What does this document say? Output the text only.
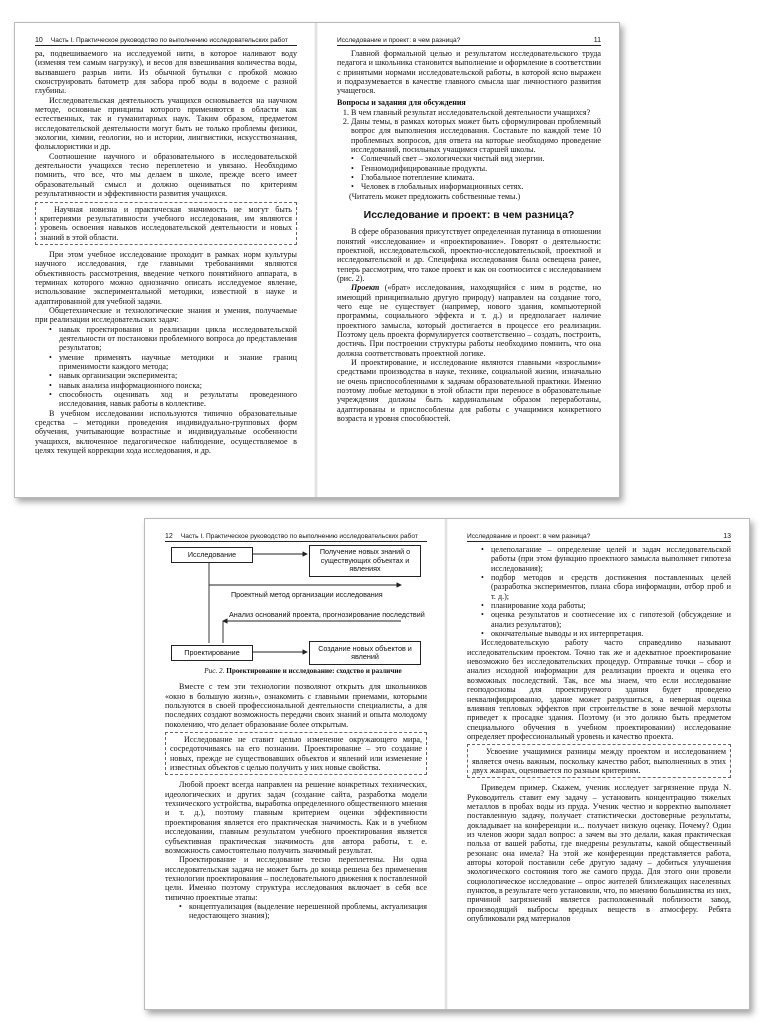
10 Часть I. Практическое руководство по выполнению исследовательских работ

ра, подвешиваемого на исследуемой нити, в которое наливают воду (изменяя тем самым нагрузку), и весов для взвешивания количества воды, вызвавшего разрыв нити. Из обычной бутылки с пробкой можно сконструировать батометр для забора проб воды в водоеме с разной глубины.

Исследовательская деятельность учащихся основывается на научном методе, основные принципы которого применяются в области как естественных, так и гуманитарных наук. Таким образом, предметом исследовательской деятельности могут быть не только проблемы физики, экологии, химии, геологии, но и истории, лингвистики, искусствознания, фольклористики и др.

Соотношение научного и образовательного в исследовательской деятельности учащихся тесно переплетено и увязано. Необходимо помнить, что все, что мы делаем в школе, прежде всего имеет образовательный смысл и должно оцениваться по критериям результативности и эффективности развития учащихся.

Научная новизна и практическая значимость не могут быть критериями результативности учебного исследования, им являются уровень освоения навыков исследовательской деятельности и новых знаний в этой области.

При этом учебное исследование проходит в рамках норм культуры научного исследования, где главными требованиями являются объективность рассмотрения, введение четкого понятийного аппарата, в терминах которого можно однозначно описать исследуемое явление, использование экспериментальной методики, известной в науке и адаптированной для учебной задачи.

Общетехнические и технологические знания и умения, получаемые при реализации исследовательских задач:

• навык проектирования и реализации цикла исследовательской деятельности от постановки проблемного вопроса до представления результатов;
• умение применять научные методики и знание границ применимости каждого метода;
• навык организации эксперимента;
• навык анализа информационного поиска;
• способность оценивать ход и результаты проведенного исследования, навык работы в коллективе.

В учебном исследовании используются типично образовательные средства – методики проведения индивидуально-групповых форм обучения, учитывающие возрастные и индивидуальные особенности учащихся, включенное педагогическое наблюдение, осуществляемое в целях текущей коррекции хода исследования, и др.

Исследование и проект: в чем разница?	11

Главной формальной целью и результатом исследовательского труда педагога и школьника становится выполнение и оформление в соответствии с принятыми нормами исследовательской работы, в которой ясно выражен и подразумевается в качестве главного смысла шаг личностного развития учащегося.

Вопросы и задания для обсуждения
1. В чем главный результат исследовательской деятельности учащихся?
2. Даны темы, в рамках которых может быть сформулирован проблемный вопрос для выполнения исследования. Составьте по каждой теме 10 проблемных вопросов, для ответа на которые необходимо проведение исследований, посильных учащимся старшей школы.
• Солнечный свет – экологически чистый вид энергии.
• Генномодифицированные продукты.
• Глобальное потепление климата.
• Человек в глобальных информационных сетях.

(Читатель может предложить собственные темы.)

Исследование и проект: в чем разница?

В сфере образования присутствует определенная путаница в отношении понятий «исследование» и «проектирование». Говорят о деятельности: проектной, исследовательской, проектно-исследовательской, проектной и исследовательской и др. Специфика исследования была освещена ранее, теперь рассмотрим, что такое проект и как он соотносится с исследованием (рис. 2).

Проект («брат» исследования, находящийся с ним в родстве, но имеющий принципиально другую природу) направлен на создание того, чего еще не существует (например, нового здания, компьютерной программы, социального эффекта и т. д.) и предполагает наличие проектного замысла, который достигается в процессе его реализации. Поэтому цель проекта формулируется соответственно – создать, построить, достичь. При построении структуры работы необходимо помнить, что она должна соответствовать проектной логике.

И проектирование, и исследование являются главными «взрослыми» средствами производства в науке, технике, социальной жизни, изначально не очень приспособленными к задачам образовательной практики. Именно поэтому любые методики в этой области при переносе в образовательные учреждения должны быть кардинальным образом переработаны, адаптированы и приспособлены для работы с учащимися конкретного возраста и уровня способностей.

12 Часть I. Практическое руководство по выполнению исследовательских работ
Исследование	Получение новых знаний о существующих объектах и явлениях
Проектный метод организации исследования
Анализ оснований проекта, прогнозирование последствий
Проектирование	Создание новых объектов и явлений

Рис. 2. Проектирование и исследование: сходство и различие

Вместе с тем эти технологии позволяют открыть для школьников «окно в большую жизнь», ознакомить с главными приемами, которыми пользуются в своей профессиональной деятельности специалисты, а для последних создают возможность передачи своих знаний и опыта молодому поколению, что делает образование более открытым.

Исследование не ставит целью изменение окружающего мира, сосредоточиваясь на его познании. Проектирование – это создание новых, прежде не существовавших объектов и явлений или изменение известных объектов с целью получить у них новые свойства.

Любой проект всегда направлен на решение конкретных технических, идеологических и других задач (создание сайта, разработка модели технического устройства, выработка определенного общественного мнения и т. д.), поэтому главным критерием оценки эффективности проектирования является его практическая значимость. Как и в учебном исследовании, главным результатом учебного проектирования является субъективная практическая значимость для автора работы, т. е. возможность самостоятельно получить значимый результат.

Проектирование и исследование тесно переплетены. Ни одна исследовательская задача не может быть до конца решена без применения технологии проектирования – последовательного движения к поставленной цели. Именно поэтому структура исследования включает в себя все типично проектные этапы:

• концептуализация (выделение нерешенной проблемы, актуализация недостающего знания);
Исследование и проект: в чем разница?	13
• целеполагание – определение целей и задач исследовательской работы (при этом функцию проектного замысла выполняет гипотеза исследования);
• подбор методов и средств достижения поставленных целей (разработка экспериментов, плана сбора информации, отбор проб и т. д.);
• планирование хода работы;
• оценка результатов и соотнесение их с гипотезой (обсуждение и анализ результатов);
• окончательные выводы и их интерпретация.

Исследовательскую работу часто справедливо называют исследовательским проектом. Точно так же и адекватное проектирование невозможно без исследовательских процедур. Отправные точки – сбор и анализ исходной информации для реализации проекта и оценка его возможных последствий. Так, все мы знаем, что если исследование геоподосновы для проектируемого здания будет проведено неквалифицированно, здание может разрушиться, а неверная оценка влияния тепловых эффектов при строительстве в зоне вечной мерзлоты приведет к просадке здания. Поэтому (и это должно быть предметом специального обучения в учебном проектировании) исследование определяет профессиональный уровень и качество проекта.

Усвоение учащимися разницы между проектом и исследованием является очень важным, поскольку качество работ, выполненных в этих двух жанрах, оценивается по разным критериям.

Приведем пример. Скажем, ученик исследует загрязнение пруда N. Руководитель ставит ему задачу – установить концентрацию тяжелых металлов в пробах воды из пруда. Ученик честно и корректно выполняет поставленную задачу, получает статистически достоверные результаты, докладывает на конференции и... получает низкую оценку. Почему? Один из членов жюри задал вопрос: а зачем вы это делали, какая практическая польза от вашей работы, где внедрены результаты, какой общественный резонанс она имела? На этой же конференции представляется работа, авторы которой поставили себе другую задачу – добиться улучшения экологического состояния того же самого пруда. Для этого они провели социологическое исследование – опрос жителей близлежащих населенных пунктов, в результате чего установили, что, по мнению большинства из них, причиной загрязнений является расположенный поблизости завод, производящий выбросы вредных веществ в атмосферу. Ребята опубликовали ряд материалов
